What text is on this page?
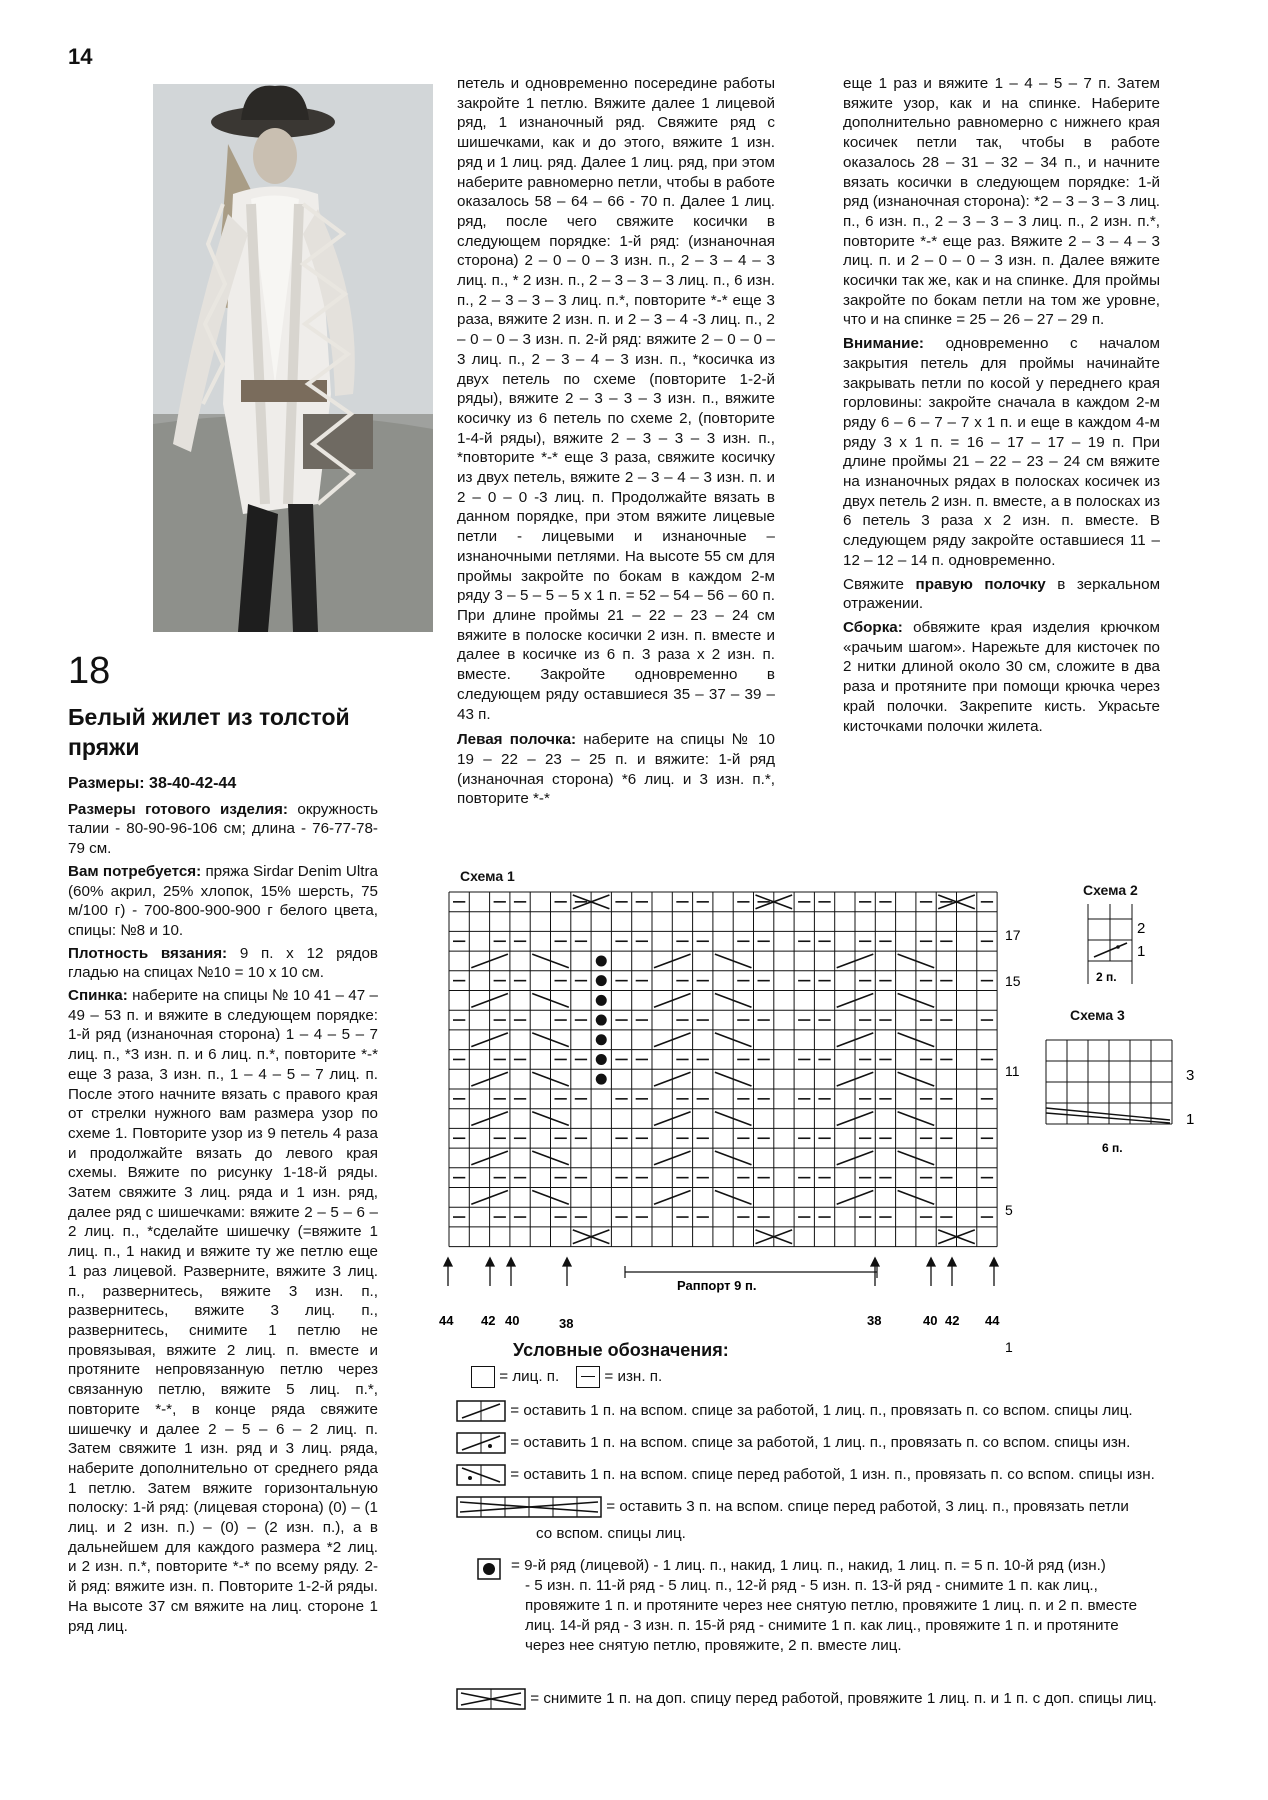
14
18
Белый жилет из толстой пряжи

Размеры: 38-40-42-44

Размеры готового изделия: окружность талии - 80-90-96-106 см; длина - 76-77-78-79 см.

Вам потребуется: пряжа Sirdar Denim Ultra (60% акрил, 25% хлопок, 15% шерсть, 75 м/100 г) - 700-800-900-900 г белого цвета, спицы: №8 и 10.

Плотность вязания: 9 п. х 12 рядов гладью на спицах №10 = 10 х 10 см.

Спинка: наберите на спицы № 10 41 – 47 – 49 – 53 п. и вяжите в следующем порядке: 1-й ряд (изнаночная сторона) 1 – 4 – 5 – 7 лиц. п., *3 изн. п. и 6 лиц. п.*, повторите *-* еще 3 раза, 3 изн. п., 1 – 4 – 5 – 7 лиц. п. После этого начните вязать с правого края от стрелки нужного вам размера узор по схеме 1. Повторите узор из 9 петель 4 раза и продолжайте вязать до левого края схемы. Вяжите по рисунку 1-18-й ряды. Затем свяжите 3 лиц. ряда и 1 изн. ряд, далее ряд с шишечками: вяжите 2 – 5 – 6 – 2 лиц. п., *сделайте шишечку (=вяжите 1 лиц. п., 1 накид и вяжите ту же петлю еще 1 раз лицевой. Разверните, вяжите 3 лиц. п., развернитесь, вяжите 3 изн. п., развернитесь, вяжите 3 лиц. п., развернитесь, снимите 1 петлю не провязывая, вяжите 2 лиц. п. вместе и протяните непровязанную петлю через связанную петлю, вяжите 5 лиц. п.*, повторите *-*, в конце ряда свяжите шишечку и далее 2 – 5 – 6 – 2 лиц. п. Затем свяжите 1 изн. ряд и 3 лиц. ряда, наберите дополнительно от среднего ряда 1 петлю. Затем вяжите горизонтальную полоску: 1-й ряд: (лицевая сторона) (0) – (1 лиц. и 2 изн. п.) – (0) – (2 изн. п.), а в дальнейшем для каждого размера *2 лиц. и 2 изн. п.*, повторите *-* по всему ряду. 2-й ряд: вяжите изн. п. Повторите 1-2-й ряды. На высоте 37 см вяжите на лиц. стороне 1 ряд лиц.

петель и одновременно посередине работы закройте 1 петлю. Вяжите далее 1 лицевой ряд, 1 изнаночный ряд. Свяжите ряд с шишечками, как и до этого, вяжите 1 изн. ряд и 1 лиц. ряд. Далее 1 лиц. ряд, при этом наберите равномерно петли, чтобы в работе оказалось 58 – 64 – 66 - 70 п. Далее 1 лиц. ряд, после чего свяжите косички в следующем порядке: 1-й ряд: (изнаночная сторона) 2 – 0 – 0 – 3 изн. п., 2 – 3 – 4 – 3 лиц. п., * 2 изн. п., 2 – 3 – 3 – 3 лиц. п., 6 изн. п., 2 – 3 – 3 – 3 лиц. п.*, повторите *-* еще 3 раза, вяжите 2 изн. п. и 2 – 3 – 4 -3 лиц. п., 2 – 0 – 0 – 3 изн. п. 2-й ряд: вяжите 2 – 0 – 0 – 3 лиц. п., 2 – 3 – 4 – 3 изн. п., *косичка из двух петель по схеме (повторите 1-2-й ряды), вяжите 2 – 3 – 3 – 3 изн. п., вяжите косичку из 6 петель по схеме 2, (повторите 1-4-й ряды), вяжите 2 – 3 – 3 – 3 изн. п., *повторите *-* еще 3 раза, свяжите косичку из двух петель, вяжите 2 – 3 – 4 – 3 изн. п. и 2 – 0 – 0 -3 лиц. п. Продолжайте вязать в данном порядке, при этом вяжите лицевые петли - лицевыми и изнаночные – изнаночными петлями. На высоте 55 см для проймы закройте по бокам в каждом 2-м ряду 3 – 5 – 5 – 5 х 1 п. = 52 – 54 – 56 – 60 п. При длине проймы 21 – 22 – 23 – 24 см вяжите в полоске косички 2 изн. п. вместе и далее в косичке из 6 п. 3 раза х 2 изн. п. вместе. Закройте одновременно в следующем ряду оставшиеся 35 – 37 – 39 – 43 п.

Левая полочка: наберите на спицы № 10 19 – 22 – 23 – 25 п. и вяжите: 1-й ряд (изнаночная сторона) *6 лиц. и 3 изн. п.*, повторите *-*

еще 1 раз и вяжите 1 – 4 – 5 – 7 п. Затем вяжите узор, как и на спинке. Наберите дополнительно равномерно с нижнего края косичек петли так, чтобы в работе оказалось 28 – 31 – 32 – 34 п., и начните вязать косички в следующем порядке: 1-й ряд (изнаночная сторона): *2 – 3 – 3 – 3 лиц. п., 6 изн. п., 2 – 3 – 3 – 3 лиц. п., 2 изн. п.*, повторите *-* еще раз. Вяжите 2 – 3 – 4 – 3 лиц. п. и 2 – 0 – 0 – 3 изн. п. Далее вяжите косички так же, как и на спинке. Для проймы закройте по бокам петли на том же уровне, что и на спинке = 25 – 26 – 27 – 29 п.

Внимание: одновременно с началом закрытия петель для проймы начинайте закрывать петли по косой у переднего края горловины: закройте сначала в каждом 2-м ряду 6 – 6 – 7 – 7 х 1 п. и еще в каждом 4-м ряду 3 х 1 п. = 16 – 17 – 17 – 19 п. При длине проймы 21 – 22 – 23 – 24 см вяжите на изнаночных рядах в полосках косичек из двух петель 2 изн. п. вместе, а в полосках из 6 петель 3 раза х 2 изн. п. вместе. В следующем ряду закройте оставшиеся 11 – 12 – 12 – 14 п. одновременно.

Свяжите правую полочку в зеркальном отражении.

Сборка: обвяжите края изделия крючком «рачьим шагом». Нарежьте для кисточек по 2 нитки длиной около 30 см, сложите в два раза и протяните при помощи крючка через край полочки. Закрепите кисть. Украсьте кисточками полочки жилета.

Схема 1
17
15
11
5
1
Раппорт 9 п.
44 42 40	38	38	40 42 44
Схема 2
2
1
2 п.
Схема 3
3
1
6 п.
Условные обозначения:
= лиц. п.	= изн. п.
= оставить 1 п. на вспом. спице за работой, 1 лиц. п., провязать п. со вспом. спицы лиц.
= оставить 1 п. на вспом. спице за работой, 1 лиц. п., провязать п. со вспом. спицы изн.
= оставить 1 п. на вспом. спице перед работой, 1 изн. п., провязать п. со вспом. спицы изн.
= оставить 3 п. на вспом. спице перед работой, 3 лиц. п., провязать петли
со вспом. спицы лиц.
= 9-й ряд (лицевой) - 1 лиц. п., накид, 1 лиц. п., накид, 1 лиц. п. = 5 п. 10-й ряд (изн.)
- 5 изн. п. 11-й ряд - 5 лиц. п., 12-й ряд - 5 изн. п. 13-й ряд - снимите 1 п. как лиц.,
провяжите 1 п. и протяните через нее снятую петлю, провяжите 1 лиц. п. и 2 п. вместе
лиц. 14-й ряд - 3 изн. п. 15-й ряд - снимите 1 п. как лиц., провяжите 1 п. и протяните
через нее снятую петлю, провяжите, 2 п. вместе лиц.
= снимите 1 п. на доп. спицу перед работой, провяжите 1 лиц. п. и 1 п. с доп. спицы лиц.
